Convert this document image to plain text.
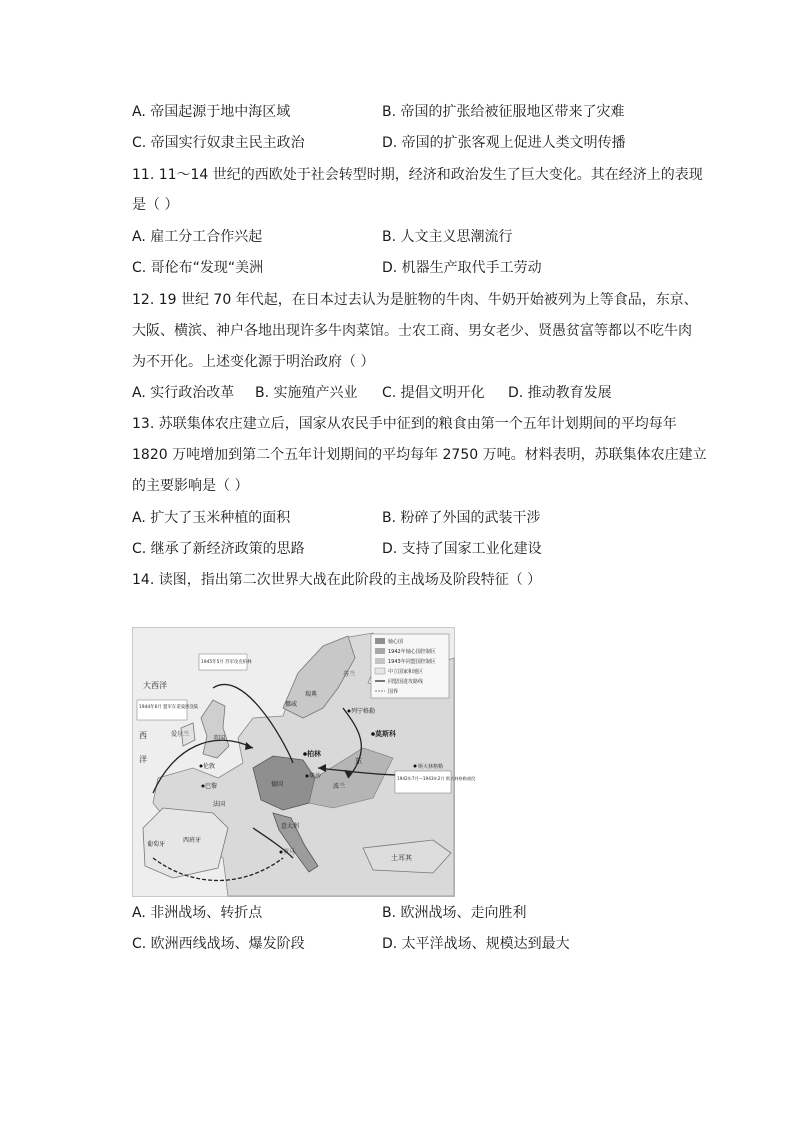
A. 帝国起源于地中海区域	B. 帝国的扩张给被征服地区带来了灾难
C. 帝国实行奴隶主民主政治	D. 帝国的扩张客观上促进人类文明传播
11. 11～14 世纪的西欧处于社会转型时期，经济和政治发生了巨大变化。其在经济上的表现
是（ ）
A. 雇工分工合作兴起	B. 人文主义思潮流行
C. 哥伦布“发现“美洲	D. 机器生产取代手工劳动
12. 19 世纪 70 年代起，在日本过去认为是脏物的牛肉、牛奶开始被列为上等食品，东京、
大阪、横滨、神户各地出现许多牛肉菜馆。士农工商、男女老少、贤愚贫富等都以不吃牛肉
为不开化。上述变化源于明治政府（ ）
A. 实行政治改革 B. 实施殖产兴业 C. 提倡文明开化 D. 推动教育发展
13. 苏联集体农庄建立后，国家从农民手中征到的粮食由第一个五年计划期间的平均每年
1820 万吨增加到第二个五年计划期间的平均每年 2750 万吨。材料表明，苏联集体农庄建立
的主要影响是（ ）
A. 扩大了玉米种植的面积	B. 粉碎了外国的武装干涉
C. 继承了新经济政策的思路	D. 支持了国家工业化建设
14. 读图，指出第二次世界大战在此阶段的主战场及阶段特征（ ）
轴心国
1942年轴心国控制区
1943年同盟国控制区
中立国家和地区
同盟国进攻路线
国界
1944年6月 盟军在诺曼底登陆
1945年5月 苏军攻克柏林
1942年7月—1943年2月 斯大林格勒战役
柏林
莫斯科
列宁格勒
华沙
伦敦
巴黎
罗马
斯大林格勒
土耳其
爱尔兰
德国
法国
西班牙
葡萄牙
意大利
英国
瑞典
挪威
芬兰
波兰
大西洋
西
洋	东
A. 非洲战场、转折点	B. 欧洲战场、走向胜利
C. 欧洲西线战场、爆发阶段	D. 太平洋战场、规模达到最大
